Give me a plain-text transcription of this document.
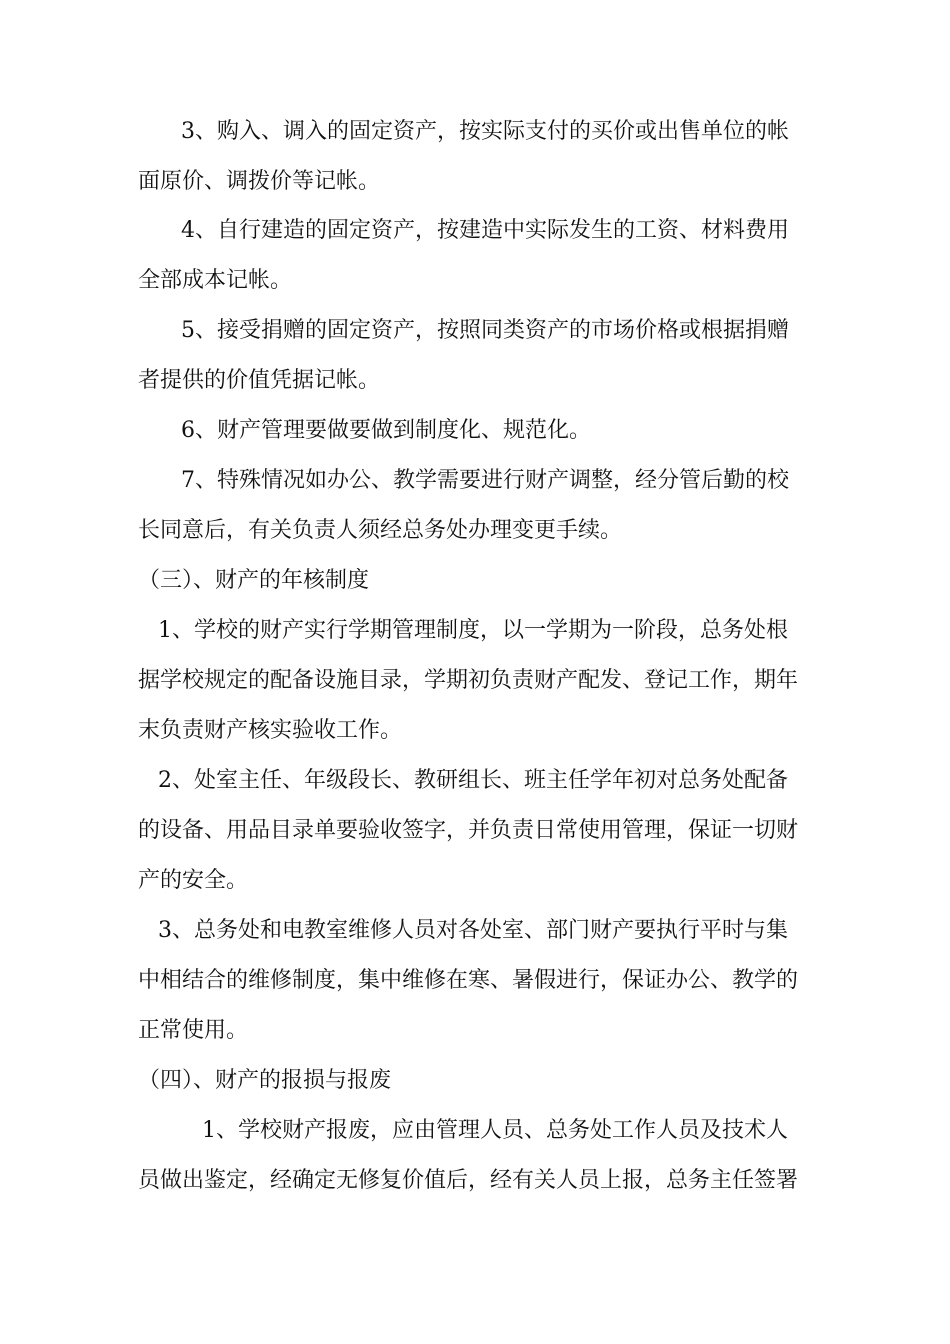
3、购入、调入的固定资产，按实际支付的买价或出售单位的帐
面原价、调拨价等记帐。
4、自行建造的固定资产，按建造中实际发生的工资、材料费用
全部成本记帐。
5、接受捐赠的固定资产，按照同类资产的市场价格或根据捐赠
者提供的价值凭据记帐。
6、财产管理要做要做到制度化、规范化。
7、特殊情况如办公、教学需要进行财产调整，经分管后勤的校
长同意后，有关负责人须经总务处办理变更手续。
（三）、财产的年核制度
1、学校的财产实行学期管理制度，以一学期为一阶段，总务处根
据学校规定的配备设施目录，学期初负责财产配发、登记工作，期年
末负责财产核实验收工作。
2、处室主任、年级段长、教研组长、班主任学年初对总务处配备
的设备、用品目录单要验收签字，并负责日常使用管理，保证一切财
产的安全。
3、总务处和电教室维修人员对各处室、部门财产要执行平时与集
中相结合的维修制度，集中维修在寒、暑假进行，保证办公、教学的
正常使用。
（四）、财产的报损与报废
1、学校财产报废，应由管理人员、总务处工作人员及技术人
员做出鉴定，经确定无修复价值后，经有关人员上报，总务主任签署
